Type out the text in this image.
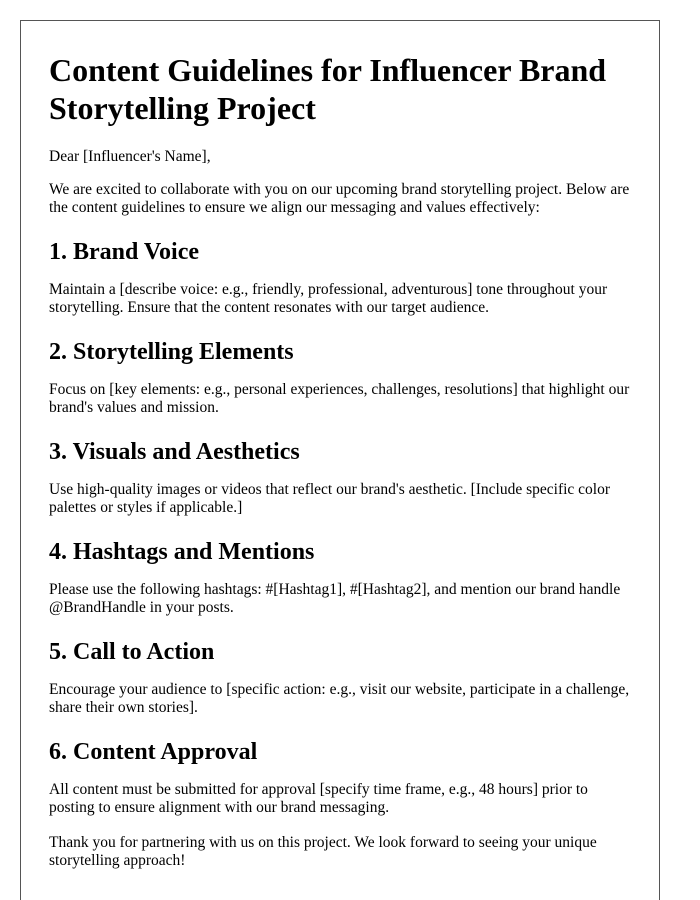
Content Guidelines for Influencer Brand Storytelling Project

Dear [Influencer's Name],

We are excited to collaborate with you on our upcoming brand storytelling project. Below are the content guidelines to ensure we align our messaging and values effectively:

1. Brand Voice

Maintain a [describe voice: e.g., friendly, professional, adventurous] tone throughout your storytelling. Ensure that the content resonates with our target audience.

2. Storytelling Elements

Focus on [key elements: e.g., personal experiences, challenges, resolutions] that highlight our brand's values and mission.

3. Visuals and Aesthetics

Use high-quality images or videos that reflect our brand's aesthetic. [Include specific color palettes or styles if applicable.]

4. Hashtags and Mentions

Please use the following hashtags: #[Hashtag1], #[Hashtag2], and mention our brand handle @BrandHandle in your posts.

5. Call to Action

Encourage your audience to [specific action: e.g., visit our website, participate in a challenge, share their own stories].

6. Content Approval

All content must be submitted for approval [specify time frame, e.g., 48 hours] prior to posting to ensure alignment with our brand messaging.

Thank you for partnering with us on this project. We look forward to seeing your unique storytelling approach!
